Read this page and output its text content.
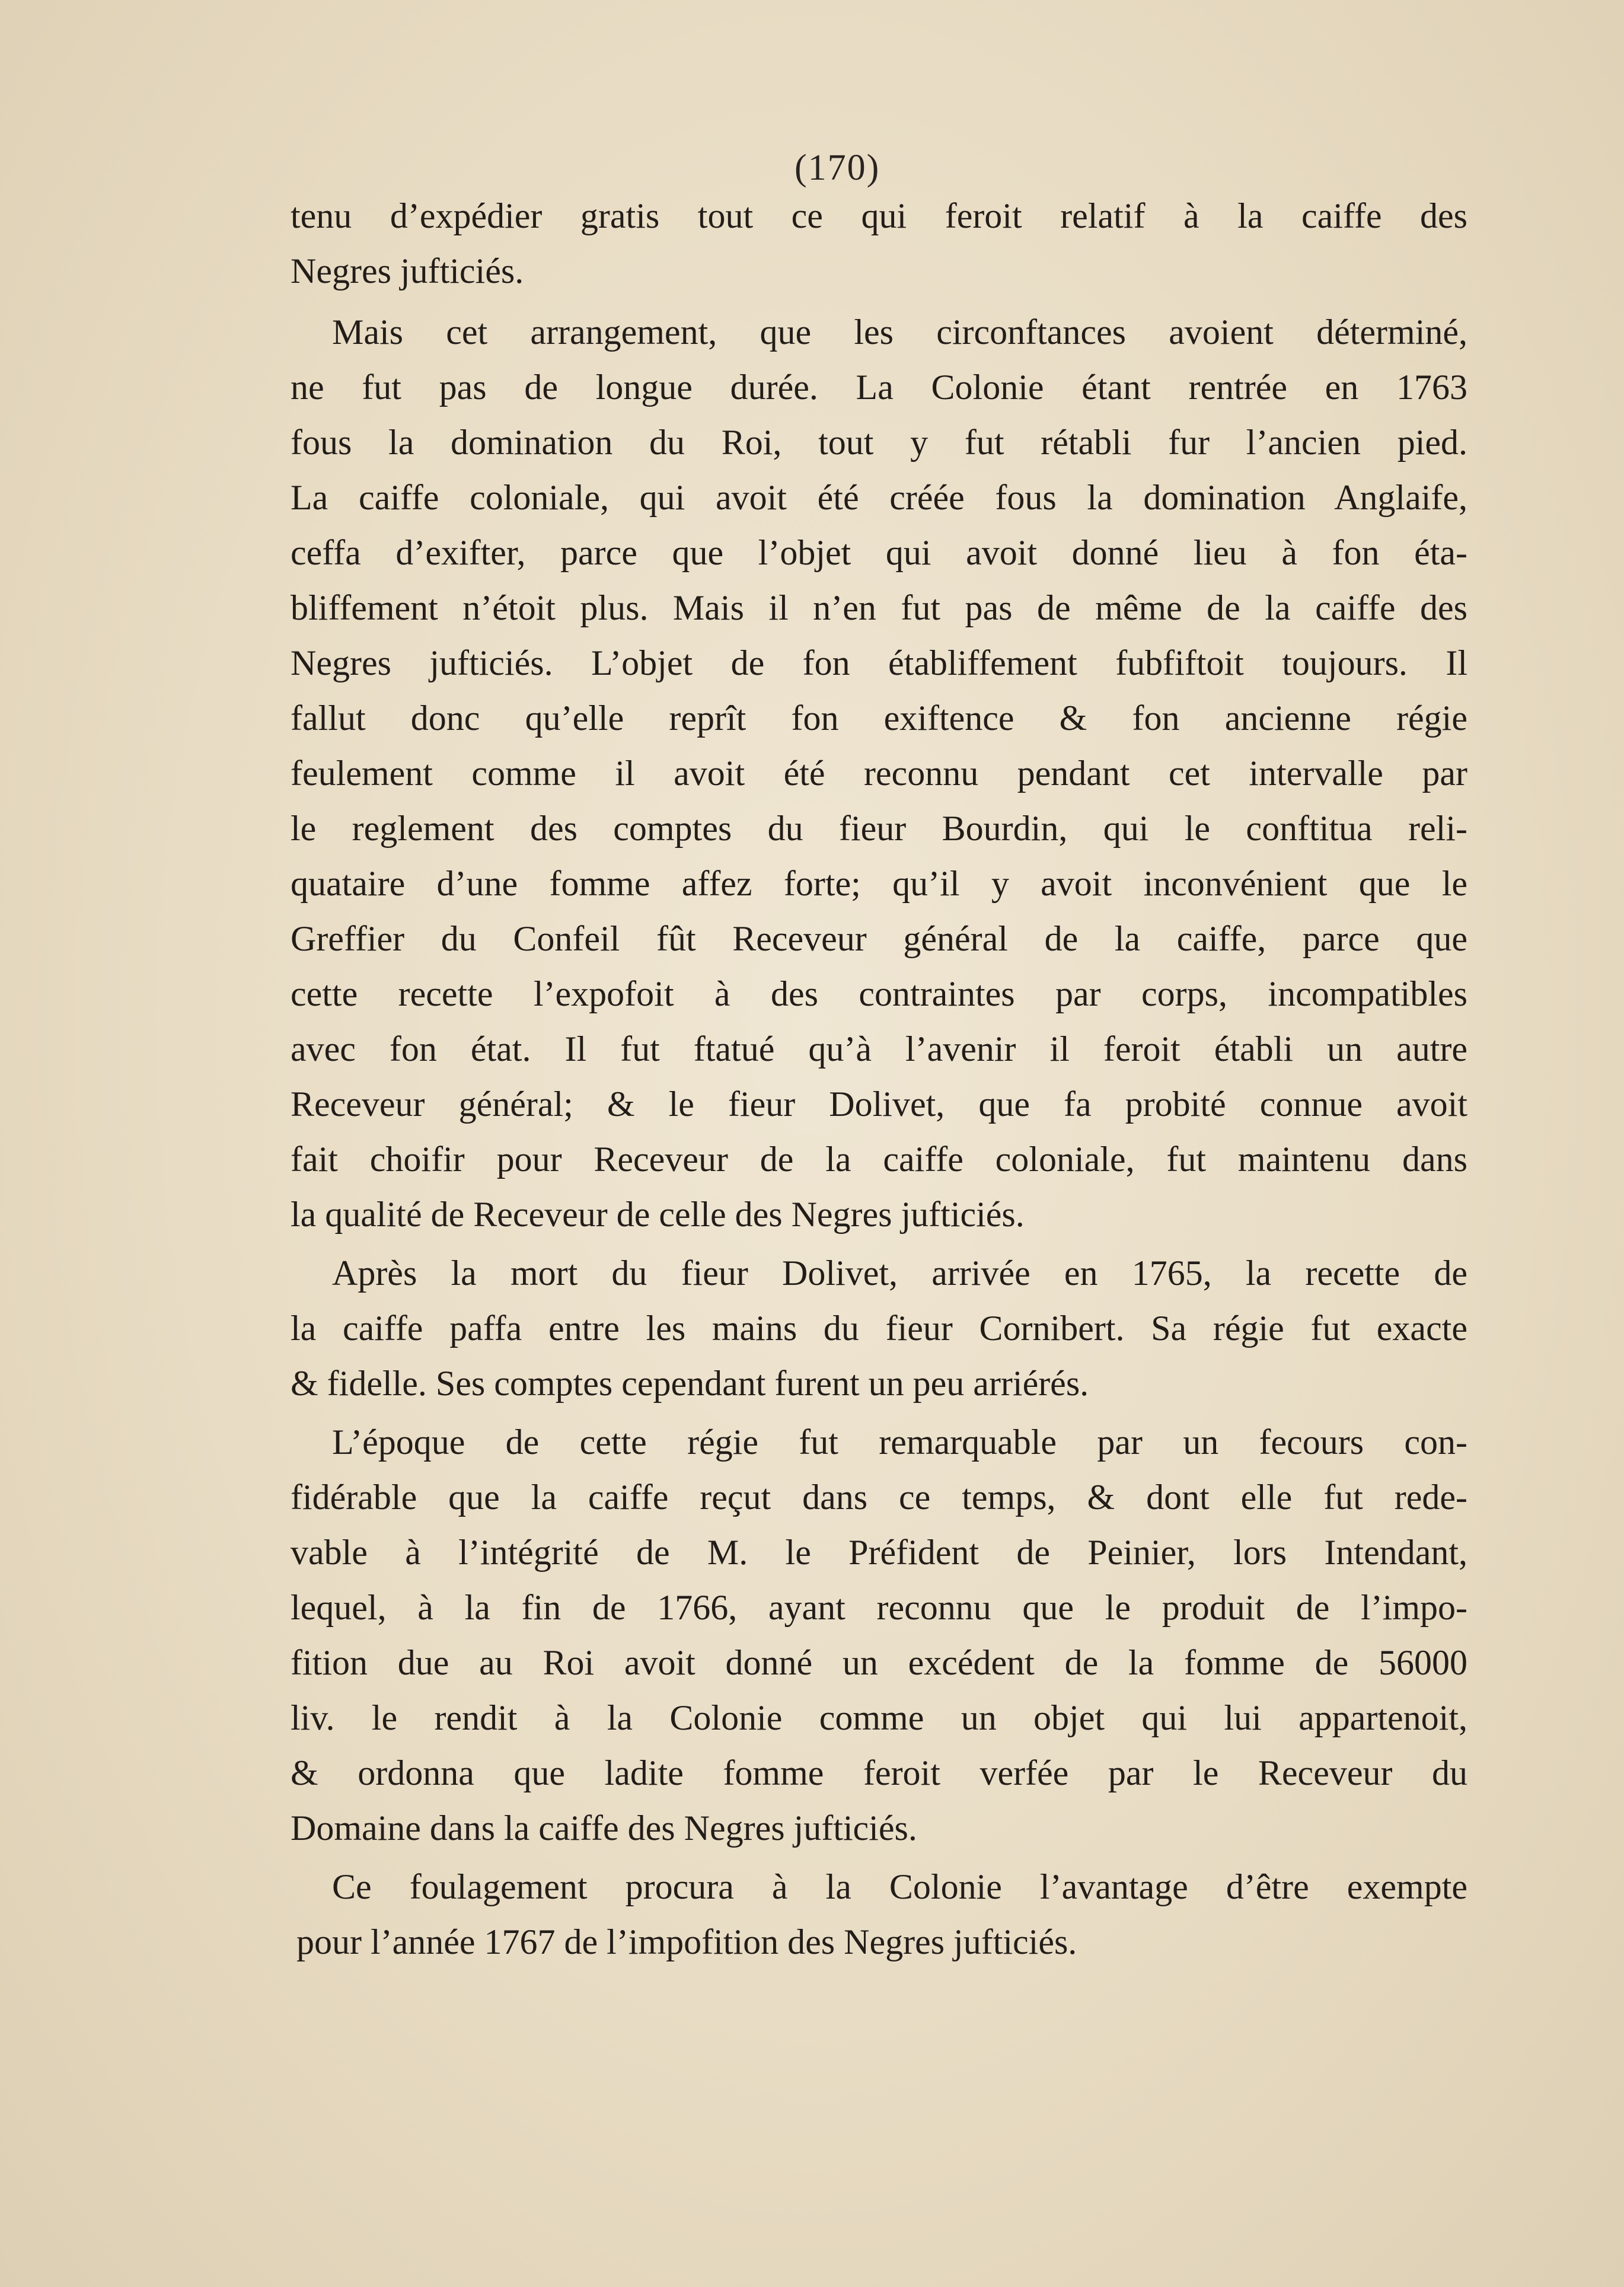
(170)
tenu d’expédier gratis tout ce qui feroit relatif à la caiffe des
Negres jufticiés.
Mais cet arrangement, que les circonftances avoient déterminé,
ne fut pas de longue durée. La Colonie étant rentrée en 1763
fous la domination du Roi, tout y fut rétabli fur l’ancien pied.
La caiffe coloniale, qui avoit été créée fous la domination Anglaife,
ceffa d’exifter, parce que l’objet qui avoit donné lieu à fon éta-
bliffement n’étoit plus. Mais il n’en fut pas de même de la caiffe des
Negres jufticiés. L’objet de fon établiffement fubfiftoit toujours. Il
fallut donc qu’elle reprît fon exiftence & fon ancienne régie
feulement comme il avoit été reconnu pendant cet intervalle par
le reglement des comptes du fieur Bourdin, qui le conftitua reli-
quataire d’une fomme affez forte; qu’il y avoit inconvénient que le
Greffier du Confeil fût Receveur général de la caiffe, parce que
cette recette l’expofoit à des contraintes par corps, incompatibles
avec fon état. Il fut ftatué qu’à l’avenir il feroit établi un autre
Receveur général; & le fieur Dolivet, que fa probité connue avoit
fait choifir pour Receveur de la caiffe coloniale, fut maintenu dans
la qualité de Receveur de celle des Negres jufticiés.
Après la mort du fieur Dolivet, arrivée en 1765, la recette de
la caiffe paffa entre les mains du fieur Cornibert. Sa régie fut exacte
& fidelle. Ses comptes cependant furent un peu arriérés.
L’époque de cette régie fut remarquable par un fecours con-
fidérable que la caiffe reçut dans ce temps, & dont elle fut rede-
vable à l’intégrité de M. le Préfident de Peinier, lors Intendant,
lequel, à la fin de 1766, ayant reconnu que le produit de l’impo-
fition due au Roi avoit donné un excédent de la fomme de 56000
liv. le rendit à la Colonie comme un objet qui lui appartenoit,
& ordonna que ladite fomme feroit verfée par le Receveur du
Domaine dans la caiffe des Negres jufticiés.
Ce foulagement procura à la Colonie l’avantage d’être exempte
pour l’année 1767 de l’impofition des Negres jufticiés.
